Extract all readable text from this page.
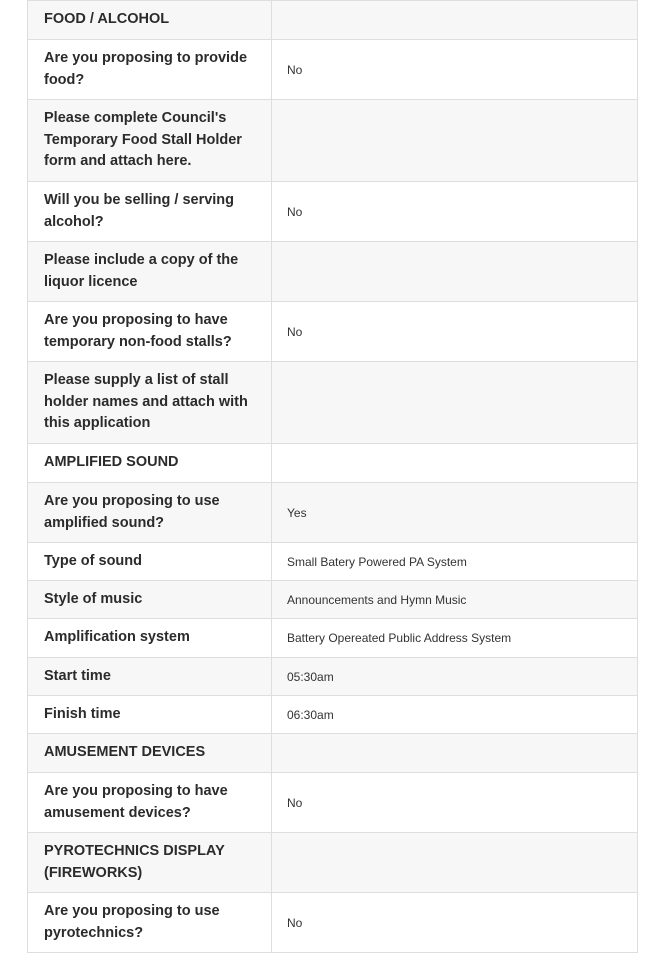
FOOD / ALCOHOL	
Are you proposing to provide food?	No
Please complete Council's Temporary Food Stall Holder form and attach here.	
Will you be selling / serving alcohol?	No
Please include a copy of the liquor licence	
Are you proposing to have temporary non-food stalls?	No
Please supply a list of stall holder names and attach with this application	
AMPLIFIED SOUND	
Are you proposing to use amplified sound?	Yes
Type of sound	Small Batery Powered PA System
Style of music	Announcements and Hymn Music
Amplification system	Battery Opereated Public Address System
Start time	05:30am
Finish time	06:30am
AMUSEMENT DEVICES	
Are you proposing to have amusement devices?	No
PYROTECHNICS DISPLAY (FIREWORKS)	
Are you proposing to use pyrotechnics?	No
